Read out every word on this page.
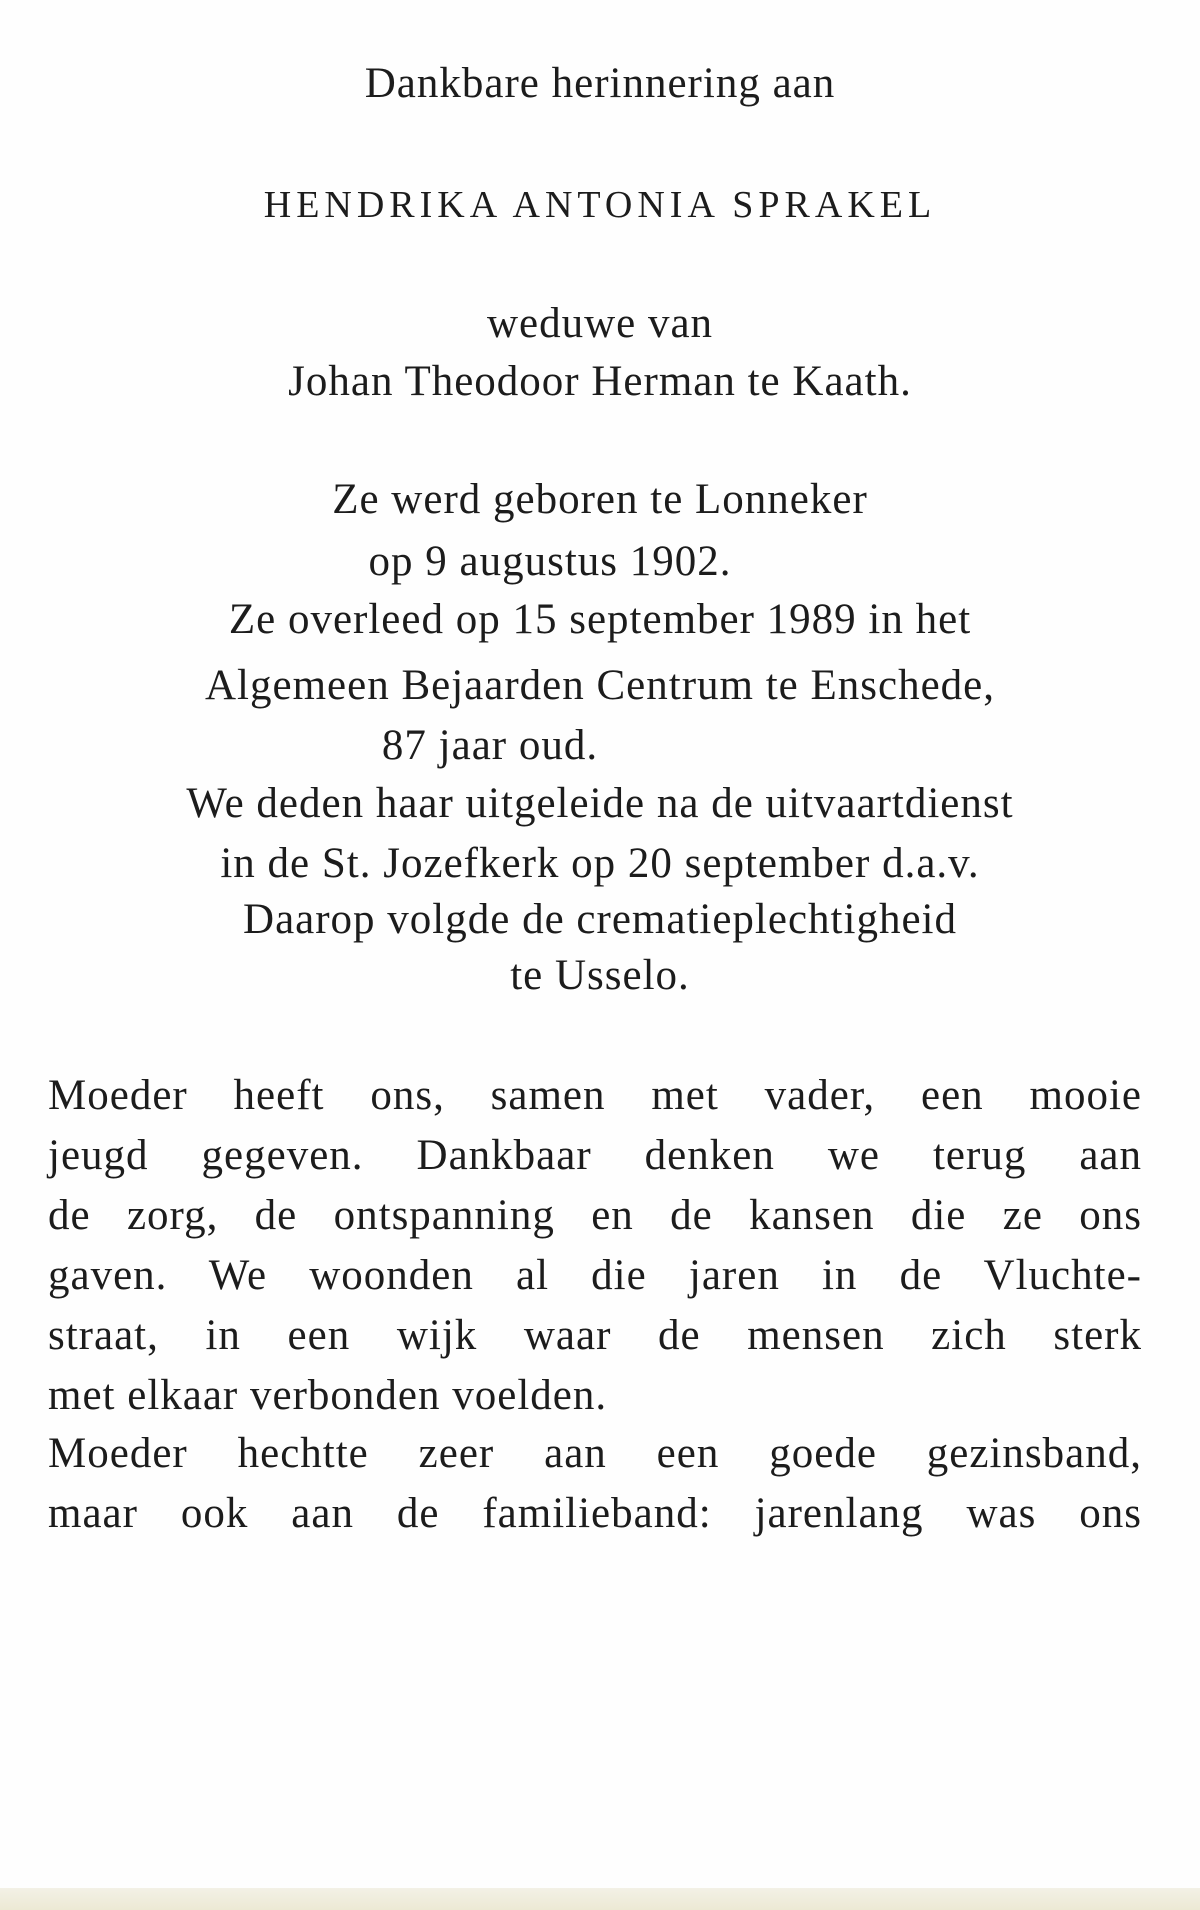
Dankbare herinnering aan
HENDRIKA ANTONIA SPRAKEL
weduwe van
Johan Theodoor Herman te Kaath.
Ze werd geboren te Lonneker
op 9 augustus 1902.
Ze overleed op 15 september 1989 in het
Algemeen Bejaarden Centrum te Enschede,
87 jaar oud.
We deden haar uitgeleide na de uitvaartdienst
in de St. Jozefkerk op 20 september d.a.v.
Daarop volgde de crematieplechtigheid
te Usselo.
Moeder heeft ons, samen met vader, een mooie
jeugd gegeven. Dankbaar denken we terug aan
de zorg, de ontspanning en de kansen die ze ons
gaven. We woonden al die jaren in de Vluchte-
straat, in een wijk waar de mensen zich sterk
met elkaar verbonden voelden.
Moeder hechtte zeer aan een goede gezinsband,
maar ook aan de familieband: jarenlang was ons
